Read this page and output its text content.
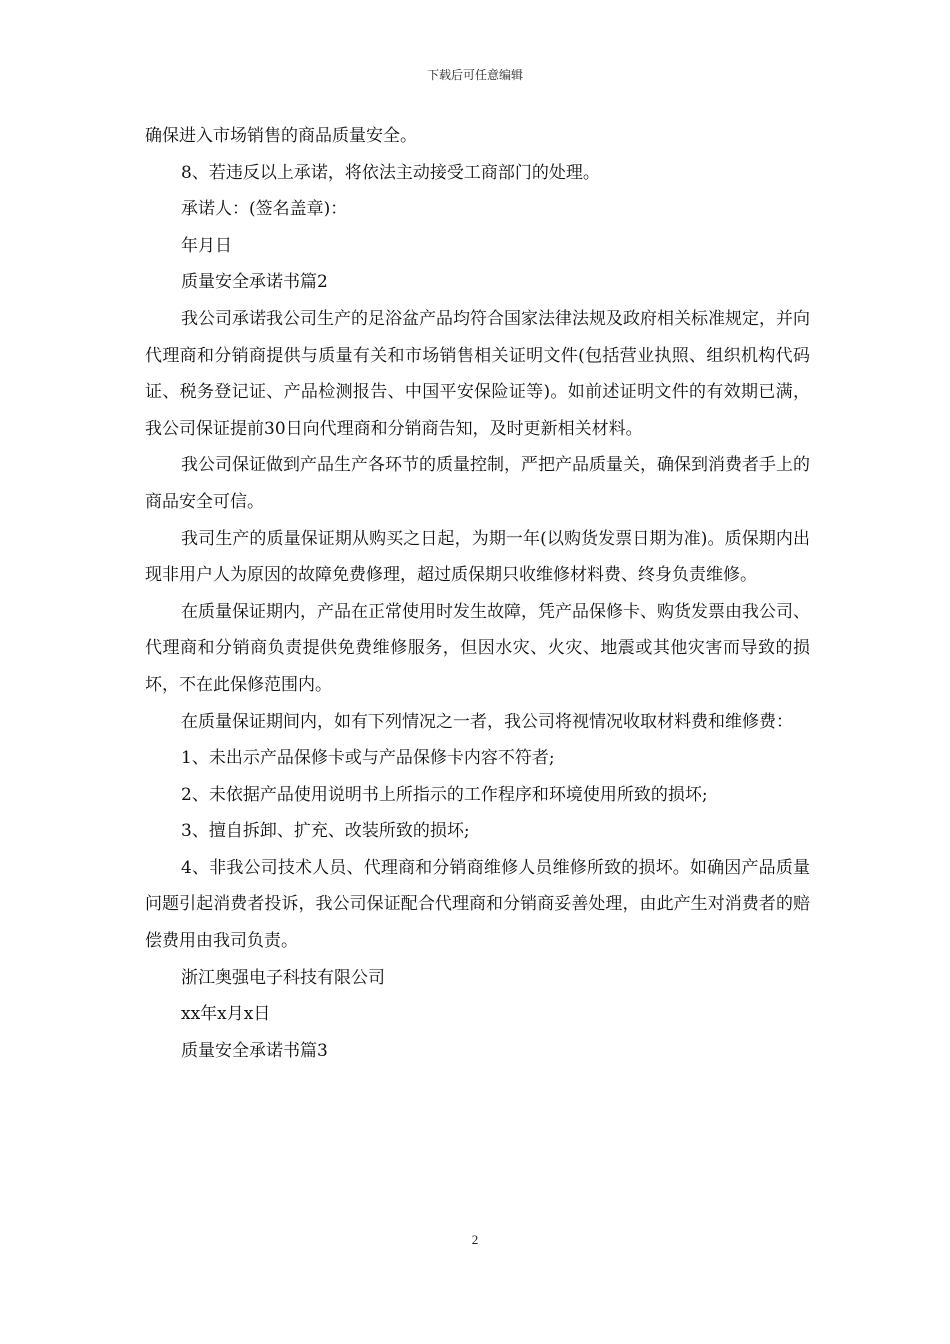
下载后可任意编辑

确保进入市场销售的商品质量安全。

8、若违反以上承诺，将依法主动接受工商部门的处理。

承诺人：(签名盖章)：

年月日

质量安全承诺书篇2

我公司承诺我公司生产的足浴盆产品均符合国家法律法规及政府相关标准规定，并向代理商和分销商提供与质量有关和市场销售相关证明文件(包括营业执照、组织机构代码证、税务登记证、产品检测报告、中国平安保险证等)。如前述证明文件的有效期已满，我公司保证提前30日向代理商和分销商告知，及时更新相关材料。

我公司保证做到产品生产各环节的质量控制，严把产品质量关，确保到消费者手上的商品安全可信。

我司生产的质量保证期从购买之日起，为期一年(以购货发票日期为准)。质保期内出现非用户人为原因的故障免费修理，超过质保期只收维修材料费、终身负责维修。

在质量保证期内，产品在正常使用时发生故障，凭产品保修卡、购货发票由我公司、代理商和分销商负责提供免费维修服务，但因水灾、火灾、地震或其他灾害而导致的损坏，不在此保修范围内。

在质量保证期间内，如有下列情况之一者，我公司将视情况收取材料费和维修费：

1、未出示产品保修卡或与产品保修卡内容不符者;

2、未依据产品使用说明书上所指示的工作程序和环境使用所致的损坏;

3、擅自拆卸、扩充、改装所致的损坏;

4、非我公司技术人员、代理商和分销商维修人员维修所致的损坏。如确因产品质量问题引起消费者投诉，我公司保证配合代理商和分销商妥善处理，由此产生对消费者的赔偿费用由我司负责。

浙江奥强电子科技有限公司

xx年x月x日

质量安全承诺书篇3

2
